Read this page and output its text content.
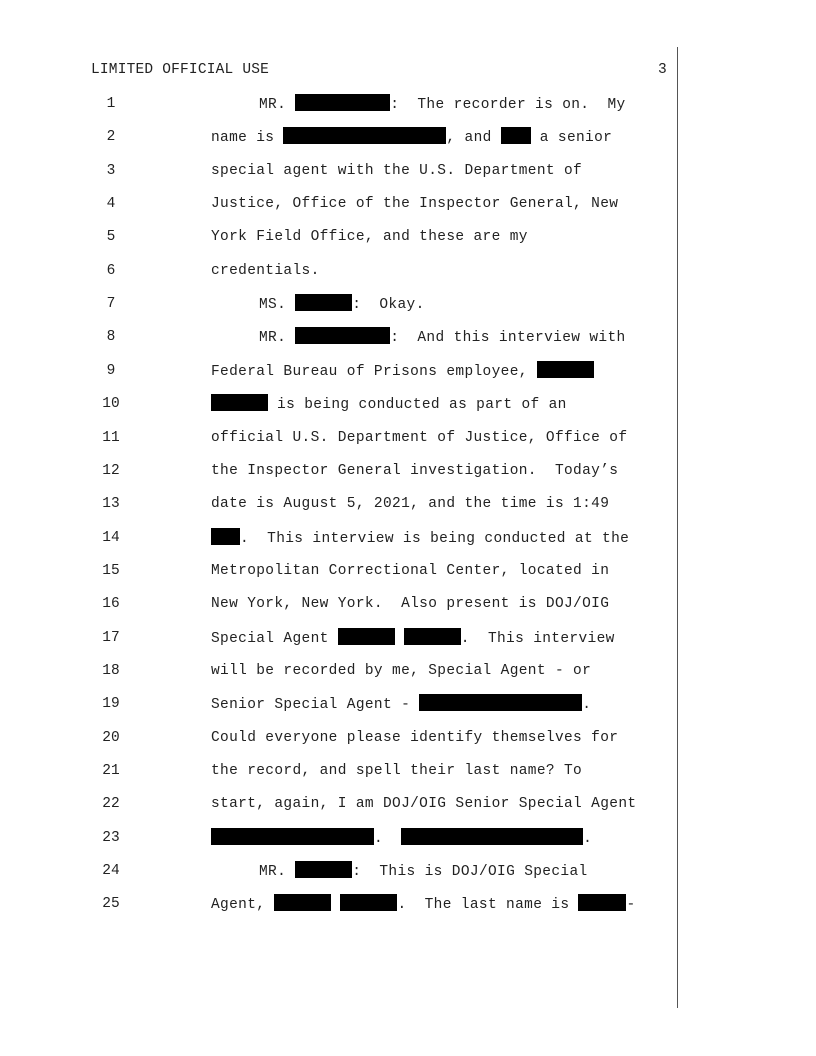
LIMITED OFFICIAL USE	3
1	MR.	:  The recorder is on.  My
2	name is	, and  a senior
3	special agent with the U.S. Department of
4	Justice, Office of the Inspector General, New
5	York Field Office, and these are my
6	credentials.
7	MS.	:  Okay.
8	MR.	:  And this interview with
9	Federal Bureau of Prisons employee,
10	is being conducted as part of an
11	official U.S. Department of Justice, Office of
12	the Inspector General investigation.  Today’s
13	date is August 5, 2021, and the time is 1:49
14	.  This interview is being conducted at the
15	Metropolitan Correctional Center, located in
16	New York, New York.  Also present is DOJ/OIG
17	Special Agent	.  This interview
18	will be recorded by me, Special Agent - or
19	Senior Special Agent -	.
20	Could everyone please identify themselves for
21	the record, and spell their last name? To
22	start, again, I am DOJ/OIG Senior Special Agent
23	.	.
24	MR.	:  This is DOJ/OIG Special
25	Agent,	.  The last name is	-
